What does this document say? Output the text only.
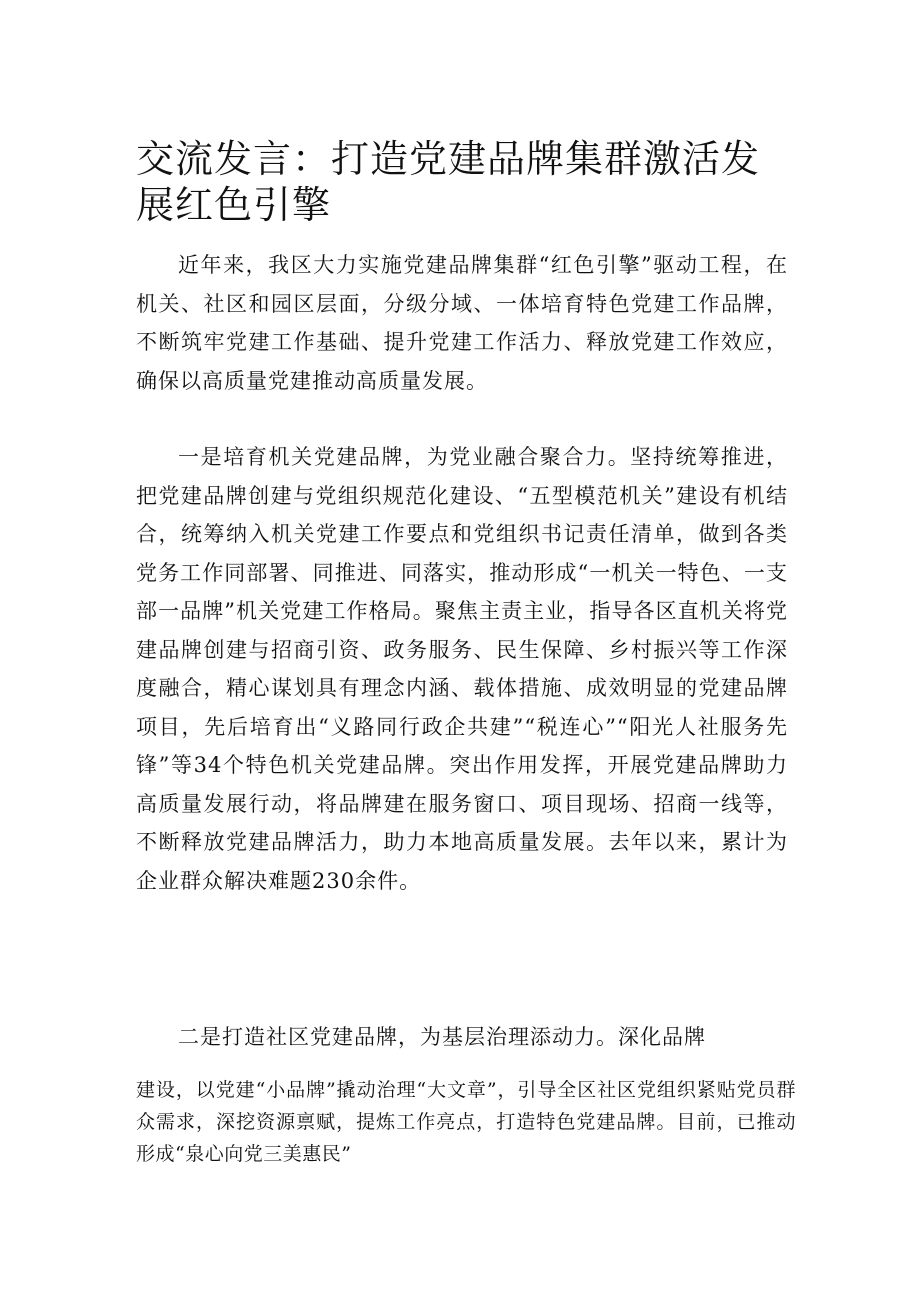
交流发言：打造党建品牌集群激活发展红色引擎

近年来，我区大力实施党建品牌集群“红色引擎”驱动工程，在机关、社区和园区层面，分级分域、一体培育特色党建工作品牌，不断筑牢党建工作基础、提升党建工作活力、释放党建工作效应，确保以高质量党建推动高质量发展。

一是培育机关党建品牌，为党业融合聚合力。坚持统筹推进，把党建品牌创建与党组织规范化建设、“五型模范机关”建设有机结合，统筹纳入机关党建工作要点和党组织书记责任清单，做到各类党务工作同部署、同推进、同落实，推动形成“一机关一特色、一支部一品牌”机关党建工作格局。聚焦主责主业，指导各区直机关将党建品牌创建与招商引资、政务服务、民生保障、乡村振兴等工作深度融合，精心谋划具有理念内涵、载体措施、成效明显的党建品牌项目，先后培育出“义路同行政企共建”“税连心”“阳光人社服务先锋”等34个特色机关党建品牌。突出作用发挥，开展党建品牌助力高质量发展行动，将品牌建在服务窗口、项目现场、招商一线等，不断释放党建品牌活力，助力本地高质量发展。去年以来，累计为企业群众解决难题230余件。

二是打造社区党建品牌，为基层治理添动力。深化品牌

建设，以党建“小品牌”撬动治理“大文章”，引导全区社区党组织紧贴党员群众需求，深挖资源禀赋，提炼工作亮点，打造特色党建品牌。目前，已推动形成“泉心向党三美惠民”
